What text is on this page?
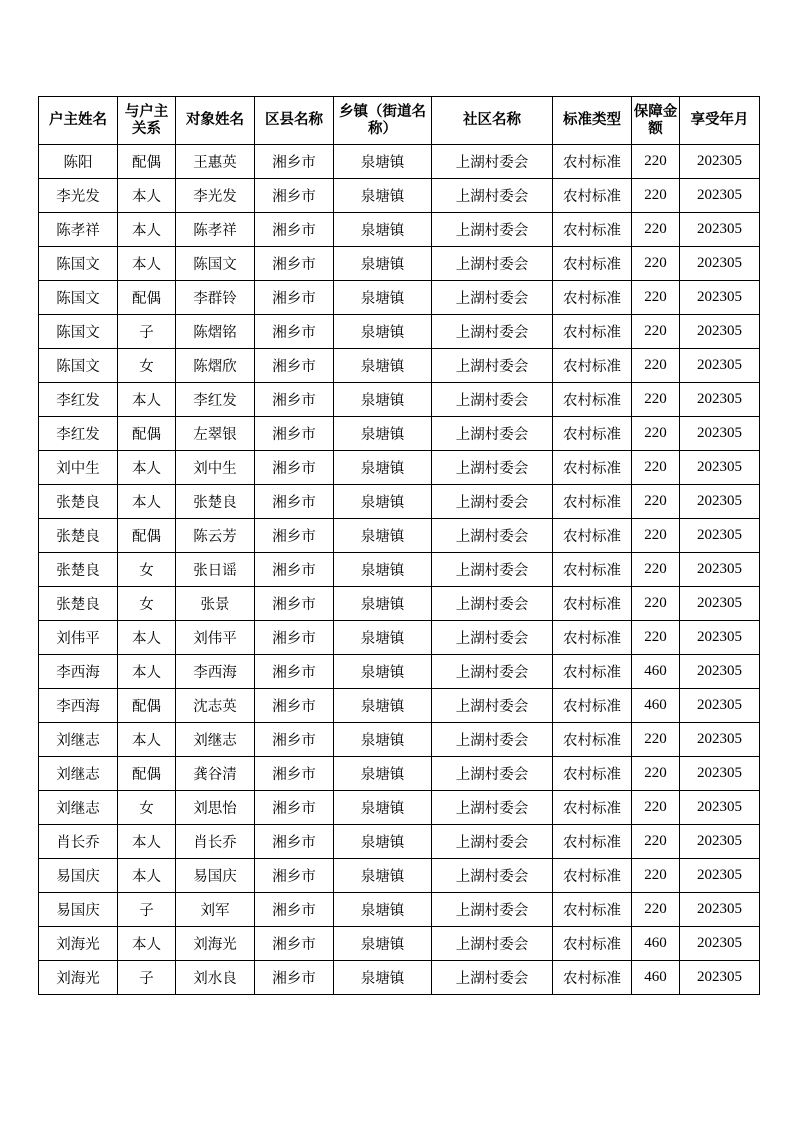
户主姓名	与户主关系	对象姓名	区县名称	乡镇（街道名称）	社区名称	标准类型	保障金额	享受年月
陈阳	配偶	王惠英	湘乡市	泉塘镇	上湖村委会	农村标准	220	202305
李光发	本人	李光发	湘乡市	泉塘镇	上湖村委会	农村标准	220	202305
陈孝祥	本人	陈孝祥	湘乡市	泉塘镇	上湖村委会	农村标准	220	202305
陈国文	本人	陈国文	湘乡市	泉塘镇	上湖村委会	农村标准	220	202305
陈国文	配偶	李群铃	湘乡市	泉塘镇	上湖村委会	农村标准	220	202305
陈国文	子	陈熠铭	湘乡市	泉塘镇	上湖村委会	农村标准	220	202305
陈国文	女	陈熠欣	湘乡市	泉塘镇	上湖村委会	农村标准	220	202305
李红发	本人	李红发	湘乡市	泉塘镇	上湖村委会	农村标准	220	202305
李红发	配偶	左翠银	湘乡市	泉塘镇	上湖村委会	农村标准	220	202305
刘中生	本人	刘中生	湘乡市	泉塘镇	上湖村委会	农村标准	220	202305
张楚良	本人	张楚良	湘乡市	泉塘镇	上湖村委会	农村标准	220	202305
张楚良	配偶	陈云芳	湘乡市	泉塘镇	上湖村委会	农村标准	220	202305
张楚良	女	张日谣	湘乡市	泉塘镇	上湖村委会	农村标准	220	202305
张楚良	女	张景	湘乡市	泉塘镇	上湖村委会	农村标准	220	202305
刘伟平	本人	刘伟平	湘乡市	泉塘镇	上湖村委会	农村标准	220	202305
李西海	本人	李西海	湘乡市	泉塘镇	上湖村委会	农村标准	460	202305
李西海	配偶	沈志英	湘乡市	泉塘镇	上湖村委会	农村标准	460	202305
刘继志	本人	刘继志	湘乡市	泉塘镇	上湖村委会	农村标准	220	202305
刘继志	配偶	龚谷清	湘乡市	泉塘镇	上湖村委会	农村标准	220	202305
刘继志	女	刘思怡	湘乡市	泉塘镇	上湖村委会	农村标准	220	202305
肖长乔	本人	肖长乔	湘乡市	泉塘镇	上湖村委会	农村标准	220	202305
易国庆	本人	易国庆	湘乡市	泉塘镇	上湖村委会	农村标准	220	202305
易国庆	子	刘军	湘乡市	泉塘镇	上湖村委会	农村标准	220	202305
刘海光	本人	刘海光	湘乡市	泉塘镇	上湖村委会	农村标准	460	202305
刘海光	子	刘水良	湘乡市	泉塘镇	上湖村委会	农村标准	460	202305
